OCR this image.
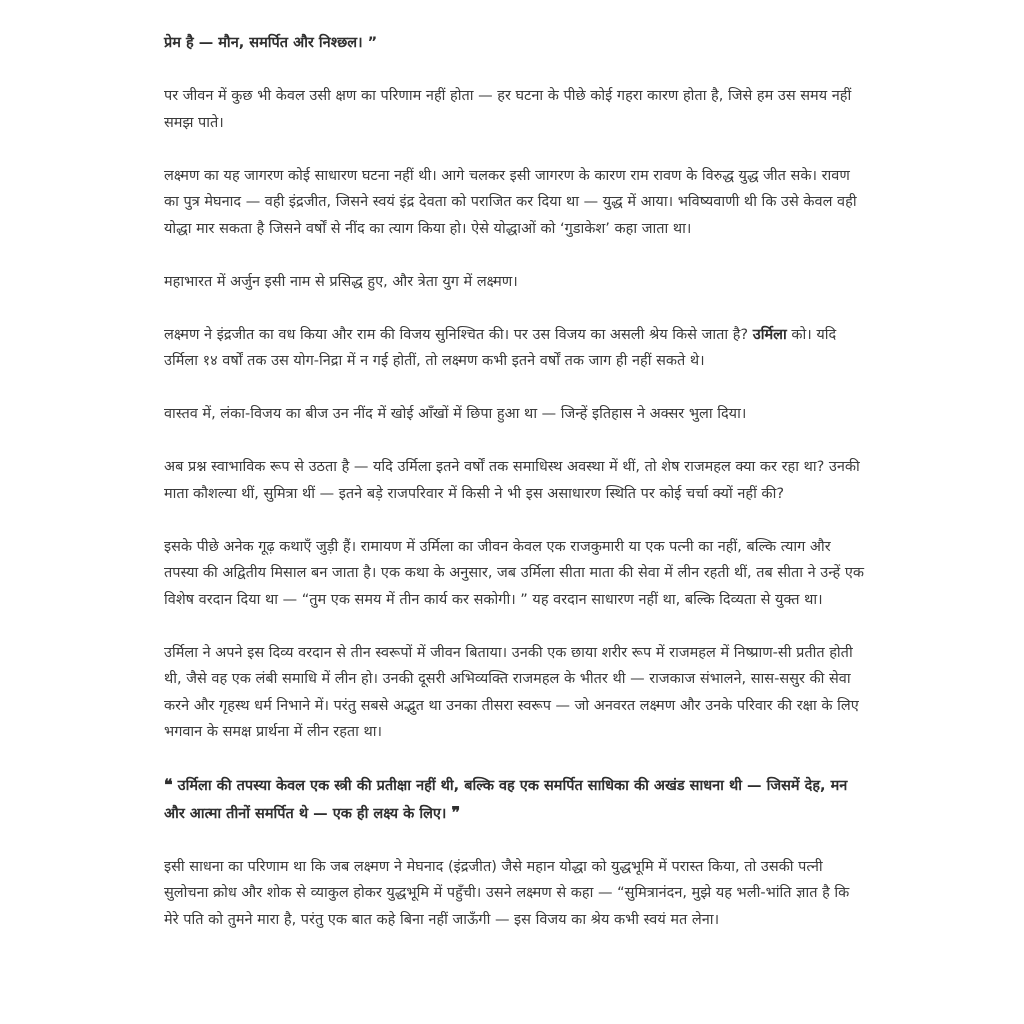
प्रेम है — मौन, समर्पित और निश्छल। ”

पर जीवन में कुछ भी केवल उसी क्षण का परिणाम नहीं होता — हर घटना के पीछे कोई गहरा कारण होता है, जिसे हम उस समय नहीं समझ पाते।

लक्ष्मण का यह जागरण कोई साधारण घटना नहीं थी। आगे चलकर इसी जागरण के कारण राम रावण के विरुद्ध युद्ध जीत सके। रावण का पुत्र मेघनाद — वही इंद्रजीत, जिसने स्वयं इंद्र देवता को पराजित कर दिया था — युद्ध में आया। भविष्यवाणी थी कि उसे केवल वही योद्धा मार सकता है जिसने वर्षों से नींद का त्याग किया हो। ऐसे योद्धाओं को ‘गुडाकेश’ कहा जाता था।

महाभारत में अर्जुन इसी नाम से प्रसिद्ध हुए, और त्रेता युग में लक्ष्मण।

लक्ष्मण ने इंद्रजीत का वध किया और राम की विजय सुनिश्चित की। पर उस विजय का असली श्रेय किसे जाता है? उर्मिला को। यदि उर्मिला १४ वर्षों तक उस योग-निद्रा में न गई होतीं, तो लक्ष्मण कभी इतने वर्षों तक जाग ही नहीं सकते थे।

वास्तव में, लंका-विजय का बीज उन नींद में खोई आँखों में छिपा हुआ था — जिन्हें इतिहास ने अक्सर भुला दिया।

अब प्रश्न स्वाभाविक रूप से उठता है — यदि उर्मिला इतने वर्षों तक समाधिस्थ अवस्था में थीं, तो शेष राजमहल क्या कर रहा था? उनकी माता कौशल्या थीं, सुमित्रा थीं — इतने बड़े राजपरिवार में किसी ने भी इस असाधारण स्थिति पर कोई चर्चा क्यों नहीं की?

इसके पीछे अनेक गूढ़ कथाएँ जुड़ी हैं। रामायण में उर्मिला का जीवन केवल एक राजकुमारी या एक पत्नी का नहीं, बल्कि त्याग और तपस्या की अद्वितीय मिसाल बन जाता है। एक कथा के अनुसार, जब उर्मिला सीता माता की सेवा में लीन रहती थीं, तब सीता ने उन्हें एक विशेष वरदान दिया था — “तुम एक समय में तीन कार्य कर सकोगी। ” यह वरदान साधारण नहीं था, बल्कि दिव्यता से युक्त था।

उर्मिला ने अपने इस दिव्य वरदान से तीन स्वरूपों में जीवन बिताया। उनकी एक छाया शरीर रूप में राजमहल में निष्प्राण-सी प्रतीत होती थी, जैसे वह एक लंबी समाधि में लीन हो। उनकी दूसरी अभिव्यक्ति राजमहल के भीतर थी — राजकाज संभालने, सास-ससुर की सेवा करने और गृहस्थ धर्म निभाने में। परंतु सबसे अद्भुत था उनका तीसरा स्वरूप — जो अनवरत लक्ष्मण और उनके परिवार की रक्षा के लिए भगवान के समक्ष प्रार्थना में लीन रहता था।

❝ उर्मिला की तपस्या केवल एक स्त्री की प्रतीक्षा नहीं थी, बल्कि वह एक समर्पित साधिका की अखंड साधना थी — जिसमें देह, मन और आत्मा तीनों समर्पित थे — एक ही लक्ष्य के लिए। ❞

इसी साधना का परिणाम था कि जब लक्ष्मण ने मेघनाद (इंद्रजीत) जैसे महान योद्धा को युद्धभूमि में परास्त किया, तो उसकी पत्नी सुलोचना क्रोध और शोक से व्याकुल होकर युद्धभूमि में पहुँची। उसने लक्ष्मण से कहा — “सुमित्रानंदन, मुझे यह भली-भांति ज्ञात है कि मेरे पति को तुमने मारा है, परंतु एक बात कहे बिना नहीं जाऊँगी — इस विजय का श्रेय कभी स्वयं मत लेना।
